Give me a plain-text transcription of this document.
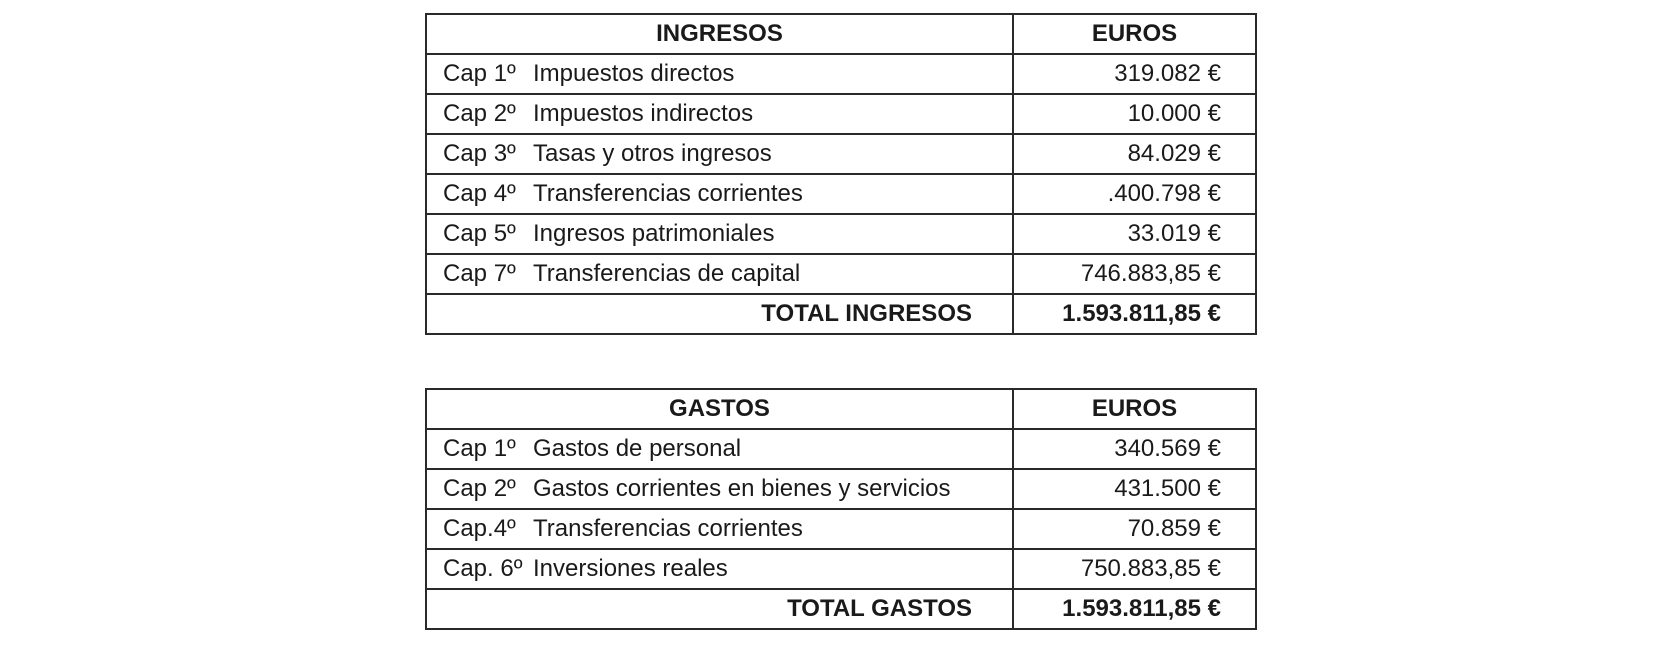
INGRESOS	EUROS
Cap 1º Impuestos directos	319.082 €
Cap 2º Impuestos indirectos	10.000 €
Cap 3º Tasas y otros ingresos	84.029 €
Cap 4º Transferencias corrientes	.400.798 €
Cap 5º Ingresos patrimoniales	33.019 €
Cap 7º Transferencias de capital	746.883,85 €
TOTAL INGRESOS	1.593.811,85 €
GASTOS	EUROS
Cap 1º Gastos de personal	340.569 €
Cap 2º Gastos corrientes en bienes y servicios	431.500 €
Cap.4º Transferencias corrientes	70.859 €
Cap. 6º Inversiones reales	750.883,85 €
TOTAL GASTOS	1.593.811,85 €
